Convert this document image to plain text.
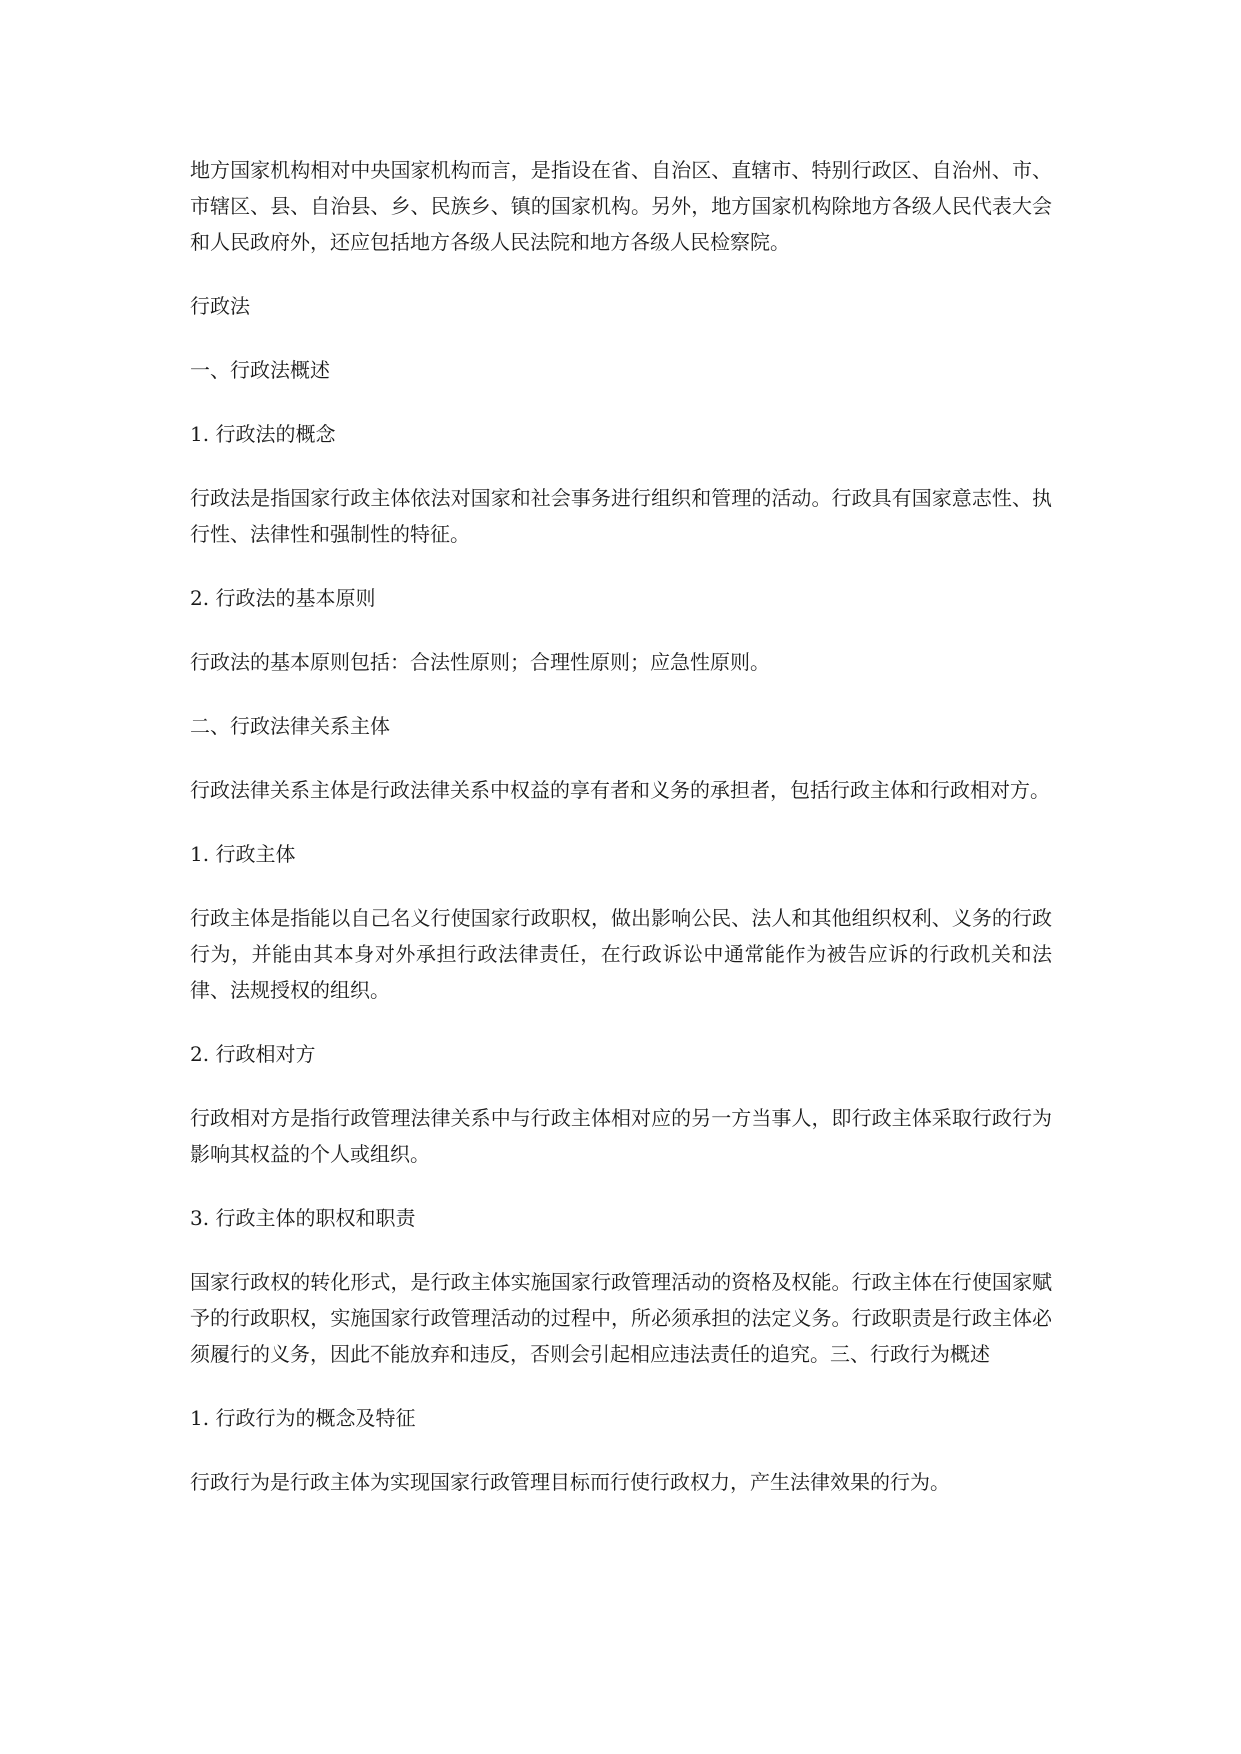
地方国家机构相对中央国家机构而言，是指设在省、自治区、直辖市、特别行政区、自治州、市、市辖区、县、自治县、乡、民族乡、镇的国家机构。另外，地方国家机构除地方各级人民代表大会和人民政府外，还应包括地方各级人民法院和地方各级人民检察院。

行政法

一、行政法概述

1. 行政法的概念

行政法是指国家行政主体依法对国家和社会事务进行组织和管理的活动。行政具有国家意志性、执行性、法律性和强制性的特征。

2. 行政法的基本原则

行政法的基本原则包括：合法性原则；合理性原则；应急性原则。

二、行政法律关系主体

行政法律关系主体是行政法律关系中权益的享有者和义务的承担者，包括行政主体和行政相对方。

1. 行政主体

行政主体是指能以自己名义行使国家行政职权，做出影响公民、法人和其他组织权利、义务的行政行为，并能由其本身对外承担行政法律责任，在行政诉讼中通常能作为被告应诉的行政机关和法律、法规授权的组织。

2. 行政相对方

行政相对方是指行政管理法律关系中与行政主体相对应的另一方当事人，即行政主体采取行政行为影响其权益的个人或组织。

3. 行政主体的职权和职责

国家行政权的转化形式，是行政主体实施国家行政管理活动的资格及权能。行政主体在行使国家赋予的行政职权，实施国家行政管理活动的过程中，所必须承担的法定义务。行政职责是行政主体必须履行的义务，因此不能放弃和违反，否则会引起相应违法责任的追究。三、行政行为概述

1. 行政行为的概念及特征

行政行为是行政主体为实现国家行政管理目标而行使行政权力，产生法律效果的行为。
